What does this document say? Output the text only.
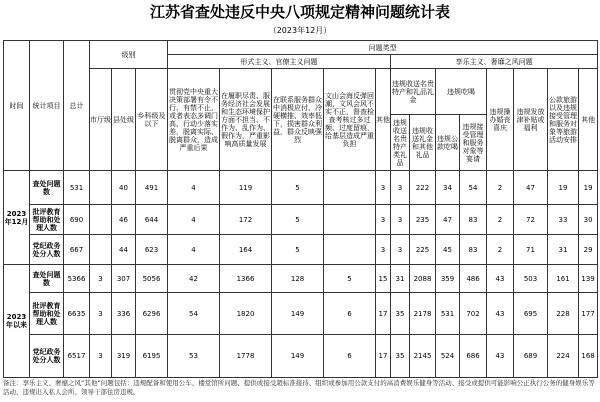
江苏省查处违反中央八项规定精神问题统计表
（2023年12月）
时间	统计项目	总计	级别			问题类型												
						形式主义、官僚主义问题					享乐主义、奢靡之风问题							
			市厅级	县处级	乡科级及以下	贯彻党中央重大决策部署有令不行、有禁不止，或者表态多调门高、行动少落实差，脱离实际、脱离群众，造成严重后果	在履职尽责、服务经济社会发展和生态环境保护方面不担当、不作为、乱作为、假作为，严重影响高质量发展	在联系服务群众中消极应付、冷硬横推、效率低下，损害群众利益，群众反映强烈	文山会海反弹回潮，文风会风不实不正，督查检查考核过多过频、过度留痕，给基层造成严重负担	其他	违规收送名贵特产和礼品礼金		违规吃喝		违规操办婚丧喜庆	违规发放津补贴或福利	公款旅游以及违规接受管理和服务对象等旅游活动安排	其他
											违规收送名贵特产类礼品	违规收送礼金和其他礼品	违规公款吃喝	违规接受管理和服务对象等宴请				
2023年12月	查处问题数	531		40	491	4	119	5		3	3	222	34	54	2	47	19	19
	批评教育帮助和处理人数	690		46	644	4	172	5		3	3	235	47	83	2	72	33	30
	党纪政务处分人数	667		44	623	4	164	5		3	3	225	45	83	2	71	31	29
2023年以来	查处问题数	5366	3	307	5056	42	1366	128	5	15	31	2088	359	486	43	503	161	139
	批评教育帮助和处理人数	6635	3	336	6296	54	1820	149	6	17	35	2178	531	702	43	695	228	177
	党纪政务处分人数	6517	3	319	6195	53	1778	149	6	17	35	2145	524	686	43	689	224	168
备注：享乐主义、奢靡之风“其他”问题包括：违规配备和使用公车、楼堂馆所问题、提供或接受超标准接待、组织或参加用公款支付的高消费娱乐健身等活动、接受或提供可能影响公正执行公务的健身娱乐等活动、违规出入私人会所、领导干部住房违规。
